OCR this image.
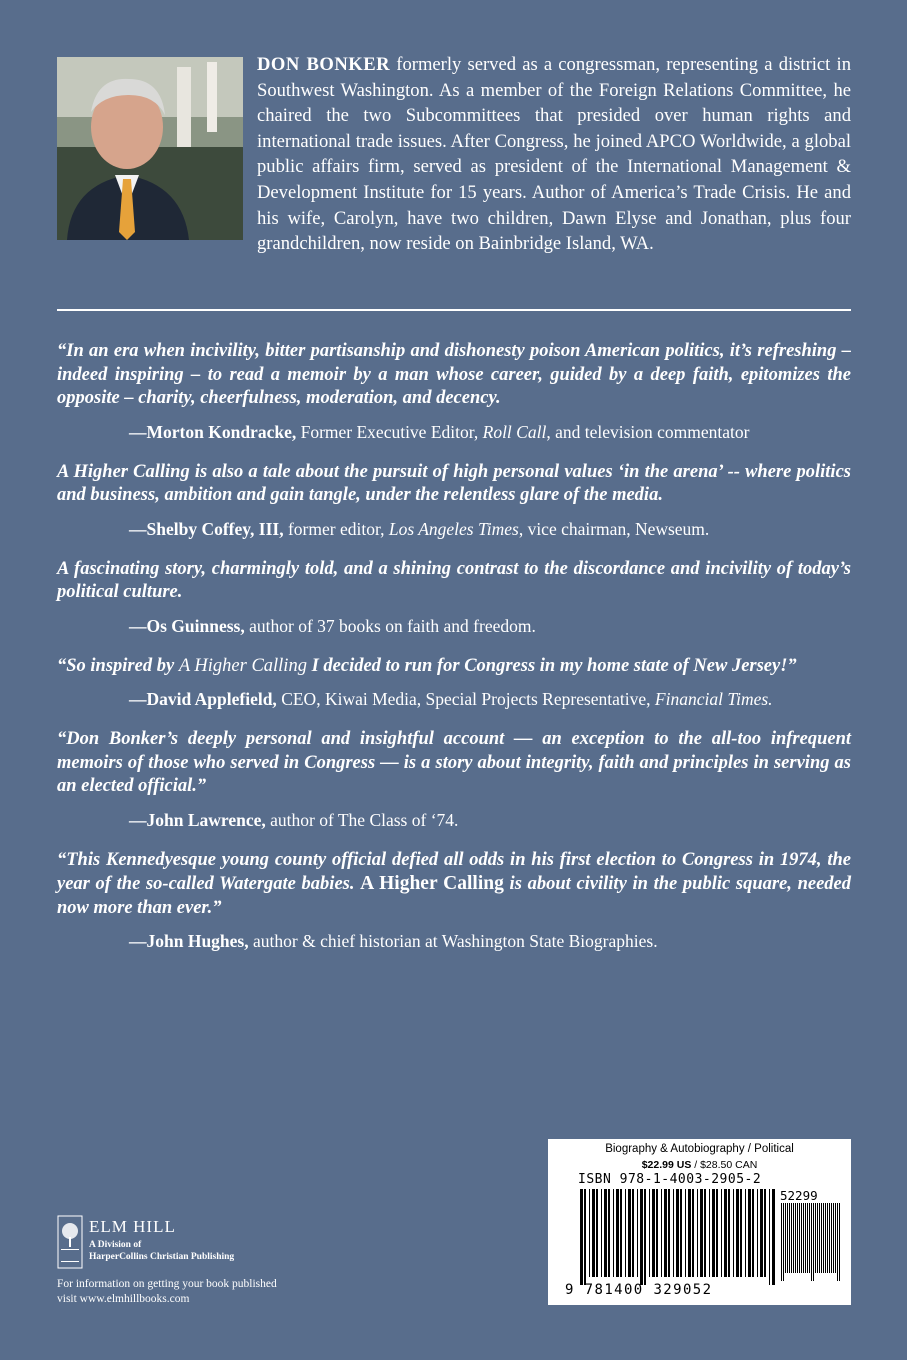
DON BONKER formerly served as a congressman, representing a district in Southwest Washington. As a member of the Foreign Relations Committee, he chaired the two Subcommittees that presided over human rights and international trade issues. After Congress, he joined APCO Worldwide, a global public affairs firm, served as president of the International Management & Development Institute for 15 years. Author of America’s Trade Crisis. He and his wife, Carolyn, have two children, Dawn Elyse and Jonathan, plus four grandchildren, now reside on Bainbridge Island, WA.

“In an era when incivility, bitter partisanship and dishonesty poison American politics, it’s refreshing – indeed inspiring – to read a memoir by a man whose career, guided by a deep faith, epitomizes the opposite – charity, cheerfulness, moderation, and decency.

—Morton Kondracke, Former Executive Editor, Roll Call, and television commentator

A Higher Calling is also a tale about the pursuit of high personal values ‘in the arena’ -- where politics and business, ambition and gain tangle, under the relentless glare of the media.

—Shelby Coffey, III, former editor, Los Angeles Times, vice chairman, Newseum.

A fascinating story, charmingly told, and a shining contrast to the discordance and incivility of today’s political culture.

—Os Guinness, author of 37 books on faith and freedom.

“So inspired by A Higher Calling I decided to run for Congress in my home state of New Jersey!”

—David Applefield, CEO, Kiwai Media, Special Projects Representative, Financial Times.

“Don Bonker’s deeply personal and insightful account — an exception to the all-too infrequent memoirs of those who served in Congress — is a story about integrity, faith and principles in serving as an elected official.”

—John Lawrence, author of The Class of ‘74.

“This Kennedyesque young county official defied all odds in his first election to Congress in 1974, the year of the so-called Watergate babies. A Higher Calling is about civility in the public square, needed now more than ever.”

—John Hughes, author & chief historian at Washington State Biographies.

ELM HILL
A Division of
HarperCollins Christian Publishing
For information on getting your book published
visit www.elmhillbooks.com
Biography & Autobiography / Political
$22.99 US / $28.50 CAN
ISBN 978-1-4003-2905-2
52299
9 781400 329052
